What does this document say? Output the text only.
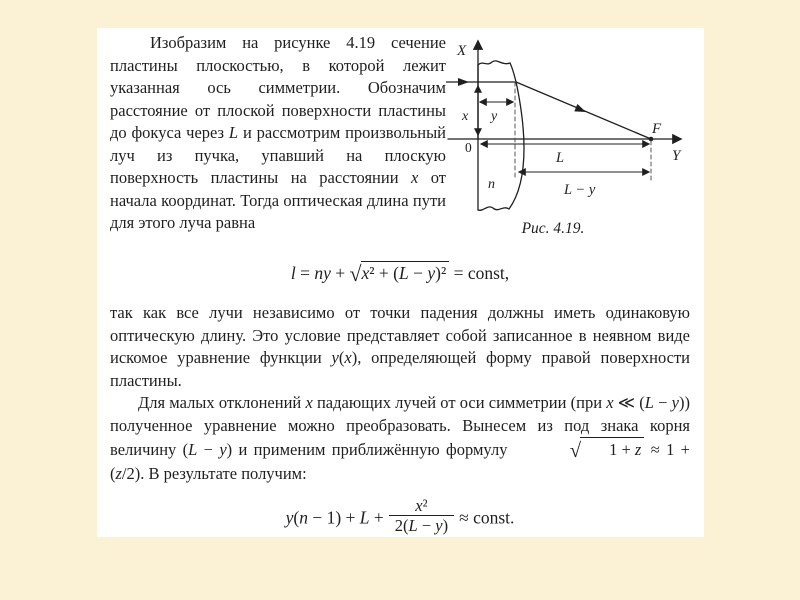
Изобразим на рисунке 4.19 сечение пластины плоскостью, в которой лежит указанная ось симметрии. Обозначим расстояние от плоской поверхности пластины до фокуса через L и рассмотрим произвольный луч из пучка, упавший на плоскую поверхность пластины на расстоянии x от начала координат. Тогда оптическая длина пути для этого луча равна

X
Y
0
x y
n
L
L − y
F
Рис. 4.19.
l = ny + √x² + (L − y)² = const,

так как все лучи независимо от точки падения должны иметь одинаковую оптическую длину. Это условие представляет собой записанное в неявном виде искомое уравнение функции y(x), определяющей форму правой поверхности пластины.

Для малых отклонений x падающих лучей от оси симметрии (при x ≪ (L − y)) полученное уравнение можно преобразовать. Вынесем из под знака корня величину (L − y) и применим приближённую формулу	√ 1 + z ≈ 1 + (z/2). В результате получим:

$y(n - 1) + L + \frac{\text{x²}}{2(L - y)}$ ≈ const.
